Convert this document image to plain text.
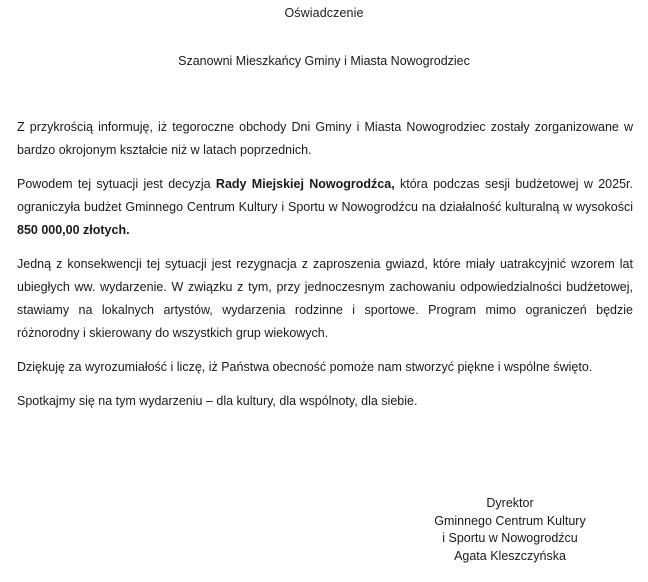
Oświadczenie
Szanowni Mieszkańcy Gminy i Miasta Nowogrodziec

Z przykrością informuję, iż tegoroczne obchody Dni Gminy i Miasta Nowogrodziec zostały zorganizowane w bardzo okrojonym kształcie niż w latach poprzednich.

Powodem tej sytuacji jest decyzja Rady Miejskiej Nowogrodźca, która podczas sesji budżetowej w 2025r. ograniczyła budżet Gminnego Centrum Kultury i Sportu w Nowogrodźcu na działalność kulturalną w wysokości 850 000,00 złotych.

Jedną z konsekwencji tej sytuacji jest rezygnacja z zaproszenia gwiazd, które miały uatrakcyjnić wzorem lat ubiegłych ww. wydarzenie. W związku z tym, przy jednoczesnym zachowaniu odpowiedzialności budżetowej, stawiamy na lokalnych artystów, wydarzenia rodzinne i sportowe. Program mimo ograniczeń będzie różnorodny i skierowany do wszystkich grup wiekowych.

Dziękuję za wyrozumiałość i liczę, iż Państwa obecność pomoże nam stworzyć piękne i wspólne święto.

Spotkajmy się na tym wydarzeniu – dla kultury, dla wspólnoty, dla siebie.

Dyrektor
Gminnego Centrum Kultury
i Sportu w Nowogrodźcu
Agata Kleszczyńska
